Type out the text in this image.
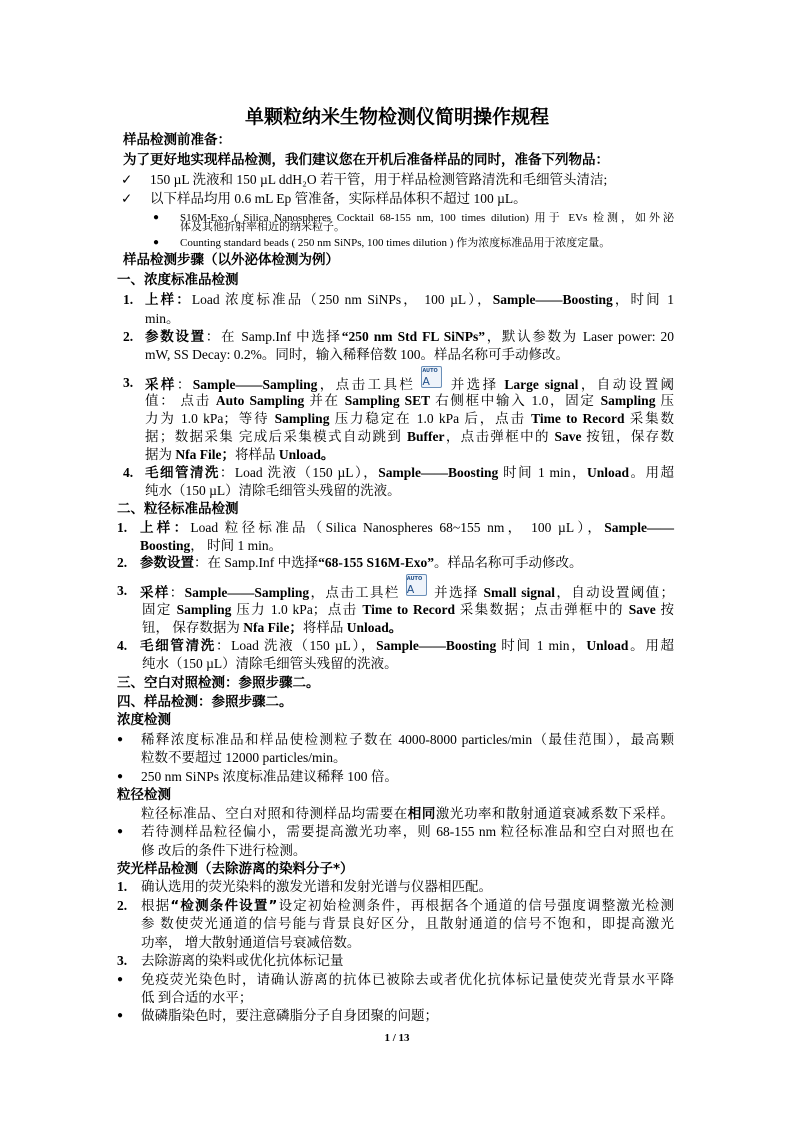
单颗粒纳米生物检测仪简明操作规程
样品检测前准备：
为了更好地实现样品检测，我们建议您在开机后准备样品的同时，准备下列物品：
✓ 150 µL 洗液和 150 µL ddH₂O 若干管，用于样品检测管路清洗和毛细管头清洁;
✓ 以下样品均用 0.6 mL Ep 管准备，实际样品体积不超过 100 µL。
● S16M-Exo ( Silica Nanospheres Cocktail 68-155 nm, 100 times dilution) 用于 EVs 检测，如外泌
体及其他折射率相近的纳米粒子。
● Counting standard beads ( 250 nm SiNPs, 100 times dilution ) 作为浓度标准品用于浓度定量。
样品检测步骤（以外泌体检测为例）
一、浓度标准品检测
1. 上样：Load 浓度标准品（250 nm SiNPs， 100 µL），Sample——Boosting，时间 1
min。
2. 参数设置：在 Samp.Inf 中选择“250 nm Std FL SiNPs”，默认参数为 Laser power: 20
mW, SS Decay: 0.2%。同时，输入稀释倍数 100。样品名称可手动修改。
3. 采样：Sample——Sampling，点击工具栏
AUTO
A	并选择 Large signal，自动设置阈
值： 点击 Auto Sampling 并在 Sampling SET 右侧框中输入 1.0，固定 Sampling 压
力为 1.0 kPa；等待 Sampling 压力稳定在 1.0 kPa 后，点击 Time to Record 采集数
据；数据采集 完成后采集模式自动跳到 Buffer，点击弹框中的 Save 按钮，保存数
据为 Nfa File；将样品 Unload。
4. 毛细管清洗：Load 洗液（150 µL），Sample——Boosting 时间 1 min，Unload。用超
纯水（150 µL）清除毛细管头残留的洗液。
二、粒径标准品检测
1. 上样：Load 粒径标准品（Silica Nanospheres 68~155 nm， 100 µL），Sample——
Boosting， 时间 1 min。
2. 参数设置：在 Samp.Inf 中选择“68-155 S16M-Exo”。样品名称可手动修改。
3. 采样：Sample——Sampling，点击工具栏
AUTO
A	并选择 Small signal，自动设置阈值；
固定 Sampling 压力 1.0 kPa；点击 Time to Record 采集数据；点击弹框中的 Save 按
钮， 保存数据为 Nfa File；将样品 Unload。
4. 毛细管清洗：Load 洗液（150 µL），Sample——Boosting 时间 1 min，Unload。用超
纯水（150 µL）清除毛细管头残留的洗液。
三、空白对照检测：参照步骤二。
四、样品检测：参照步骤二。
浓度检测
● 稀释浓度标准品和样品使检测粒子数在 4000-8000 particles/min（最佳范围），最高颗
粒数不要超过 12000 particles/min。
● 250 nm SiNPs 浓度标准品建议稀释 100 倍。
粒径检测
粒径标准品、空白对照和待测样品均需要在相同激光功率和散射通道衰减系数下采样。
● 若待测样品粒径偏小，需要提高激光功率，则 68-155 nm 粒径标准品和空白对照也在
修 改后的条件下进行检测。
荧光样品检测（去除游离的染料分子*）
1. 确认选用的荧光染料的激发光谱和发射光谱与仪器相匹配。
2. 根据“检测条件设置”设定初始检测条件，再根据各个通道的信号强度调整激光检测
参 数使荧光通道的信号能与背景良好区分，且散射通道的信号不饱和，即提高激光
功率， 增大散射通道信号衰减倍数。
3. 去除游离的染料或优化抗体标记量
● 免疫荧光染色时，请确认游离的抗体已被除去或者优化抗体标记量使荧光背景水平降
低 到合适的水平；
● 做磷脂染色时，要注意磷脂分子自身团聚的问题；
1 / 13
